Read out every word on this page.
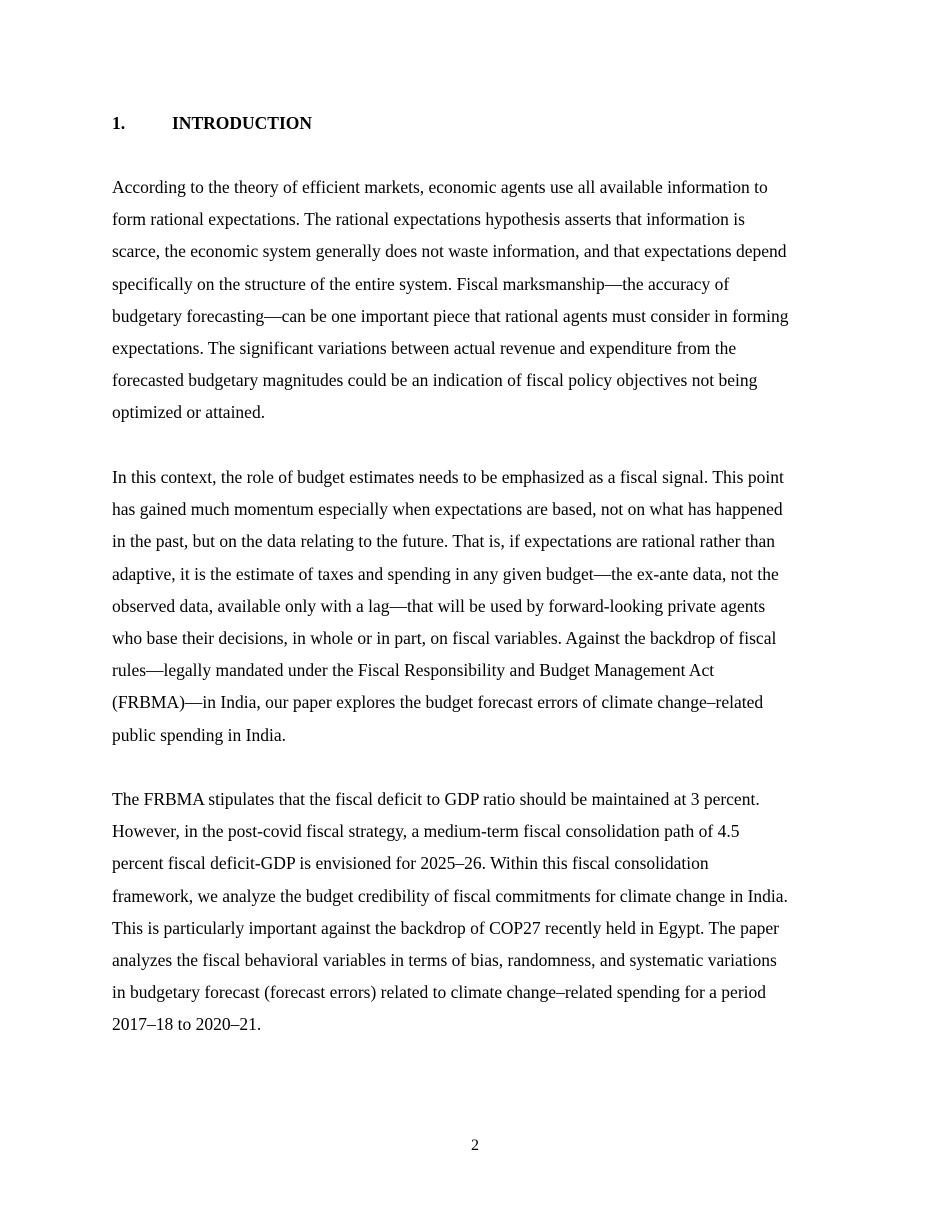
1.	INTRODUCTION

According to the theory of efficient markets, economic agents use all available information to
form rational expectations. The rational expectations hypothesis asserts that information is
scarce, the economic system generally does not waste information, and that expectations depend
specifically on the structure of the entire system. Fiscal marksmanship—the accuracy of
budgetary forecasting—can be one important piece that rational agents must consider in forming
expectations. The significant variations between actual revenue and expenditure from the
forecasted budgetary magnitudes could be an indication of fiscal policy objectives not being
optimized or attained.

In this context, the role of budget estimates needs to be emphasized as a fiscal signal. This point
has gained much momentum especially when expectations are based, not on what has happened
in the past, but on the data relating to the future. That is, if expectations are rational rather than
adaptive, it is the estimate of taxes and spending in any given budget—the ex-ante data, not the
observed data, available only with a lag—that will be used by forward-looking private agents
who base their decisions, in whole or in part, on fiscal variables. Against the backdrop of fiscal
rules—legally mandated under the Fiscal Responsibility and Budget Management Act
(FRBMA)—in India, our paper explores the budget forecast errors of climate change–related
public spending in India.

The FRBMA stipulates that the fiscal deficit to GDP ratio should be maintained at 3 percent.
However, in the post-covid fiscal strategy, a medium-term fiscal consolidation path of 4.5
percent fiscal deficit-GDP is envisioned for 2025–26. Within this fiscal consolidation
framework, we analyze the budget credibility of fiscal commitments for climate change in India.
This is particularly important against the backdrop of COP27 recently held in Egypt. The paper
analyzes the fiscal behavioral variables in terms of bias, randomness, and systematic variations
in budgetary forecast (forecast errors) related to climate change–related spending for a period
2017–18 to 2020–21.

2
